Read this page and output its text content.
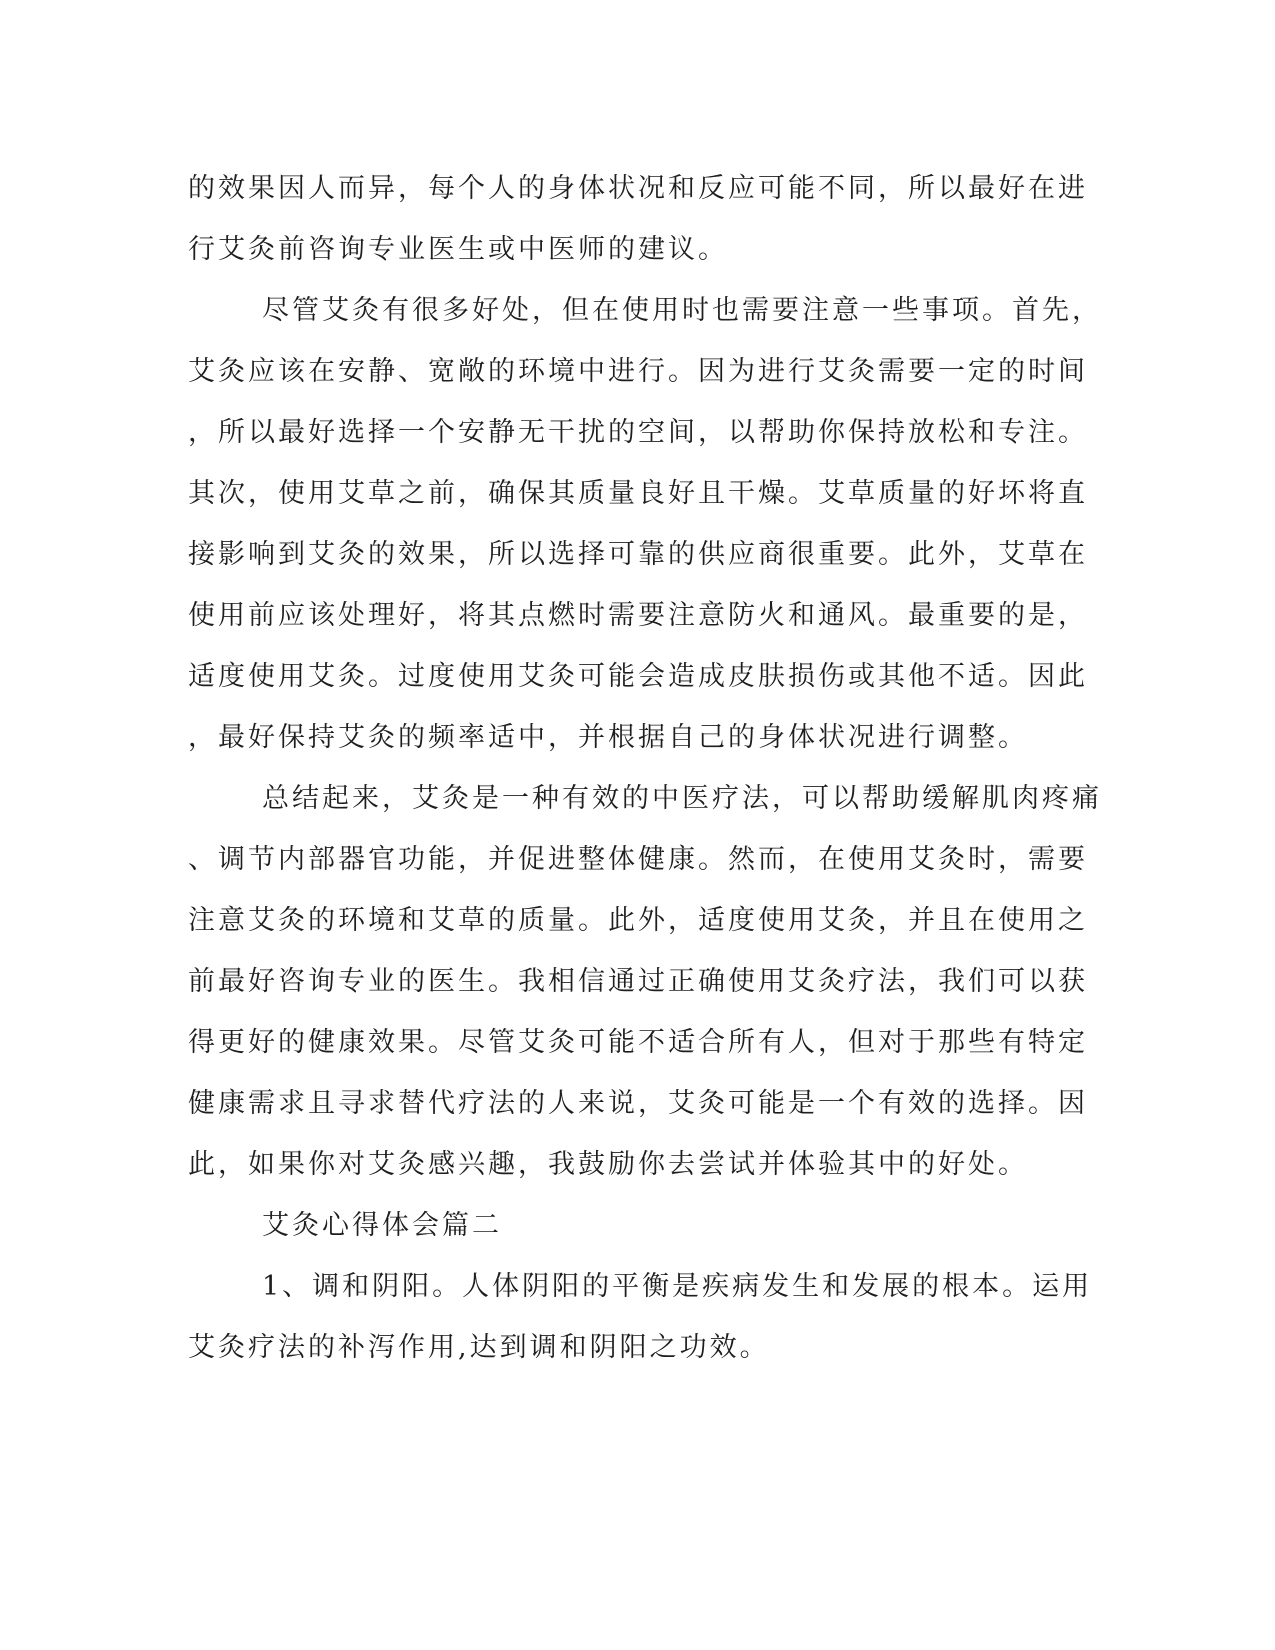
的效果因人而异，每个人的身体状况和反应可能不同，所以最好在进
行艾灸前咨询专业医生或中医师的建议。
尽管艾灸有很多好处，但在使用时也需要注意一些事项。首先，
艾灸应该在安静、宽敞的环境中进行。因为进行艾灸需要一定的时间
，所以最好选择一个安静无干扰的空间，以帮助你保持放松和专注。
其次，使用艾草之前，确保其质量良好且干燥。艾草质量的好坏将直
接影响到艾灸的效果，所以选择可靠的供应商很重要。此外，艾草在
使用前应该处理好，将其点燃时需要注意防火和通风。最重要的是，
适度使用艾灸。过度使用艾灸可能会造成皮肤损伤或其他不适。因此
，最好保持艾灸的频率适中，并根据自己的身体状况进行调整。
总结起来，艾灸是一种有效的中医疗法，可以帮助缓解肌肉疼痛
、调节内部器官功能，并促进整体健康。然而，在使用艾灸时，需要
注意艾灸的环境和艾草的质量。此外，适度使用艾灸，并且在使用之
前最好咨询专业的医生。我相信通过正确使用艾灸疗法，我们可以获
得更好的健康效果。尽管艾灸可能不适合所有人，但对于那些有特定
健康需求且寻求替代疗法的人来说，艾灸可能是一个有效的选择。因
此，如果你对艾灸感兴趣，我鼓励你去尝试并体验其中的好处。
艾灸心得体会篇二
1、调和阴阳。人体阴阳的平衡是疾病发生和发展的根本。运用
艾灸疗法的补泻作用,达到调和阴阳之功效。
